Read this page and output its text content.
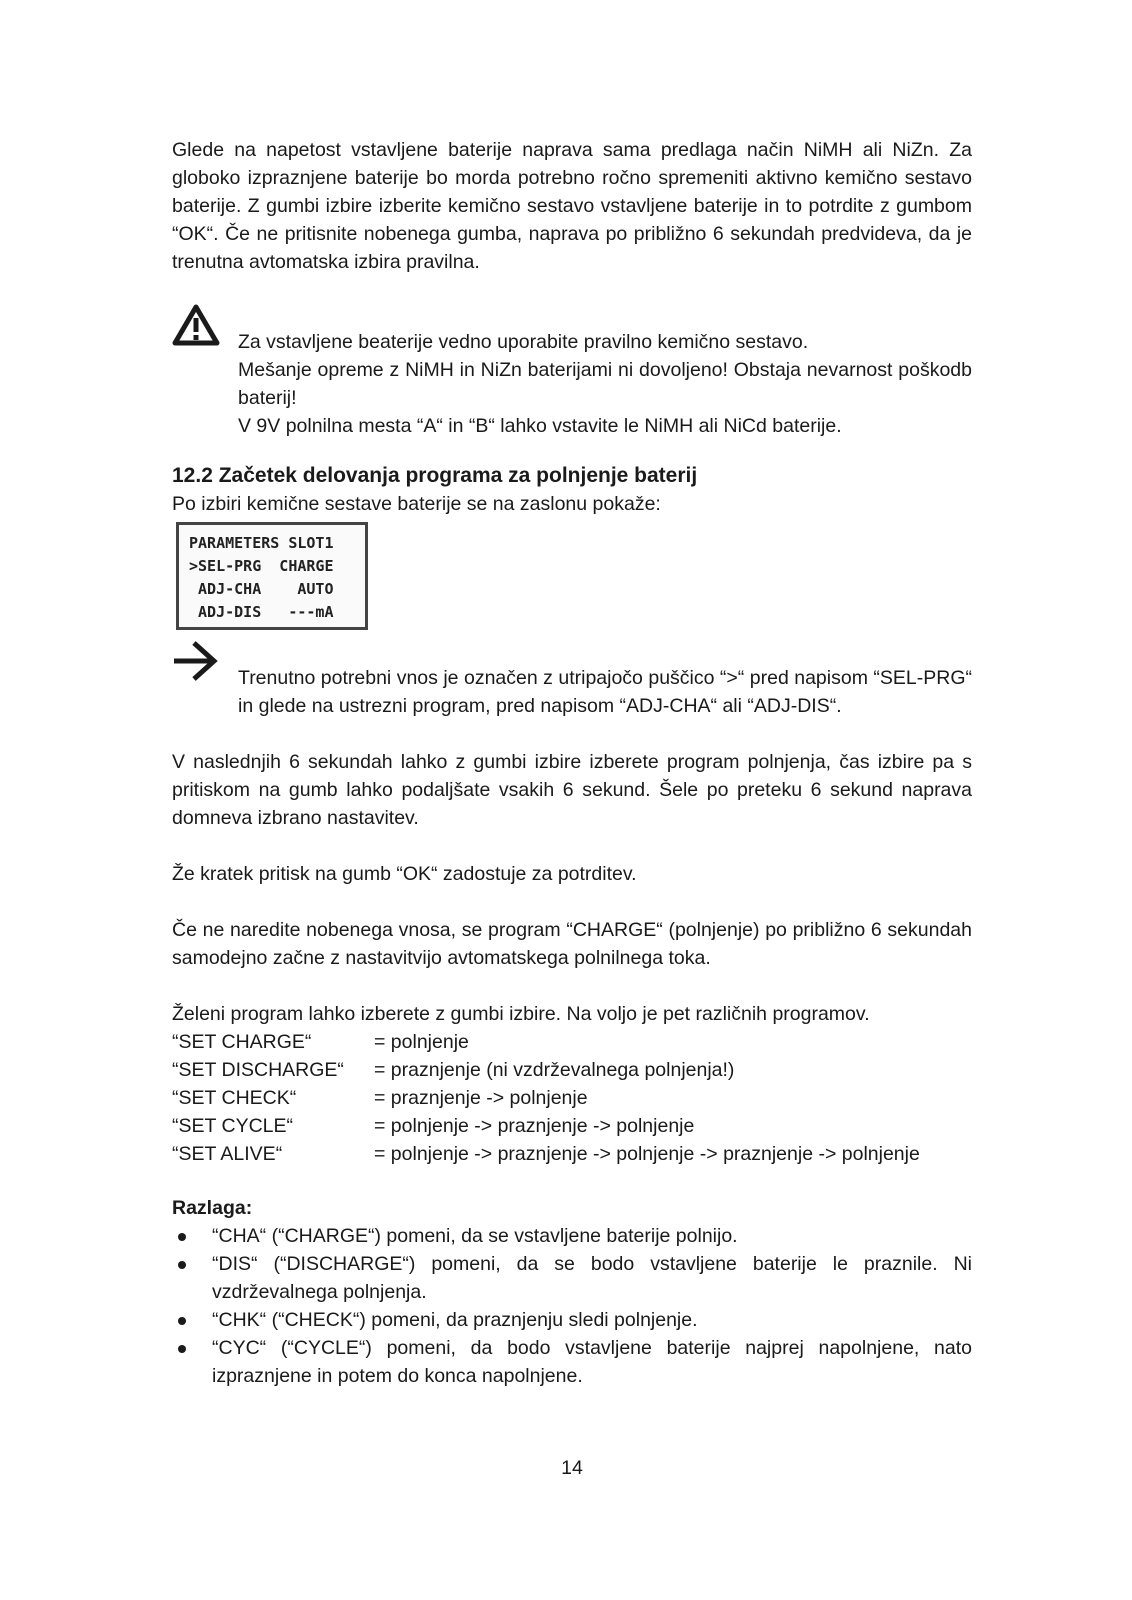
Glede na napetost vstavljene baterije naprava sama predlaga način NiMH ali NiZn. Za globoko izpraznjene baterije bo morda potrebno ročno spremeniti aktivno kemično sestavo baterije. Z gumbi izbire izberite kemično sestavo vstavljene baterije in to potrdite z gumbom “OK“. Če ne pritisnite nobenega gumba, naprava po približno 6 sekundah predvideva, da je trenutna avtomatska izbira pravilna.

Za vstavljene beaterije vedno uporabite pravilno kemično sestavo.

Mešanje opreme z NiMH in NiZn baterijami ni dovoljeno! Obstaja nevarnost poškodb baterij!

V 9V polnilna mesta “A“ in “B“ lahko vstavite le NiMH ali NiCd baterije.

12.2 Začetek delovanja programa za polnjenje baterij

Po izbiri kemične sestave baterije se na zaslonu pokaže:

PARAMETERS SLOT1
>SEL-PRG  CHARGE
ADJ-CHA    AUTO
ADJ-DIS   ---mA

Trenutno potrebni vnos je označen z utripajočo puščico “>“ pred napisom “SEL-PRG“ in glede na ustrezni program, pred napisom “ADJ-CHA“ ali “ADJ-DIS“.

V naslednjih 6 sekundah lahko z gumbi izbire izberete program polnjenja, čas izbire pa s pritiskom na gumb lahko podaljšate vsakih 6 sekund. Šele po preteku 6 sekund naprava domneva izbrano nastavitev.

Že kratek pritisk na gumb “OK“ zadostuje za potrditev.

Če ne naredite nobenega vnosa, se program “CHARGE“ (polnjenje) po približno 6 sekundah samodejno začne z nastavitvijo avtomatskega polnilnega toka.

Želeni program lahko izberete z gumbi izbire. Na voljo je pet različnih programov.

“SET CHARGE“	= polnjenje
“SET DISCHARGE“	= praznjenje (ni vzdrževalnega polnjenja!)
“SET CHECK“	= praznjenje -> polnjenje
“SET CYCLE“	= polnjenje -> praznjenje -> polnjenje
“SET ALIVE“	= polnjenje -> praznjenje -> polnjenje -> praznjenje -> polnjenje
Razlaga:
“CHA“ (“CHARGE“) pomeni, da se vstavljene baterije polnijo.
“DIS“ (“DISCHARGE“) pomeni, da se bodo vstavljene baterije le praznile. Ni vzdrževalnega polnjenja.
“CHK“ (“CHECK“) pomeni, da praznjenju sledi polnjenje.
“CYC“ (“CYCLE“) pomeni, da bodo vstavljene baterije najprej napolnjene, nato izpraznjene in potem do konca napolnjene.
14
